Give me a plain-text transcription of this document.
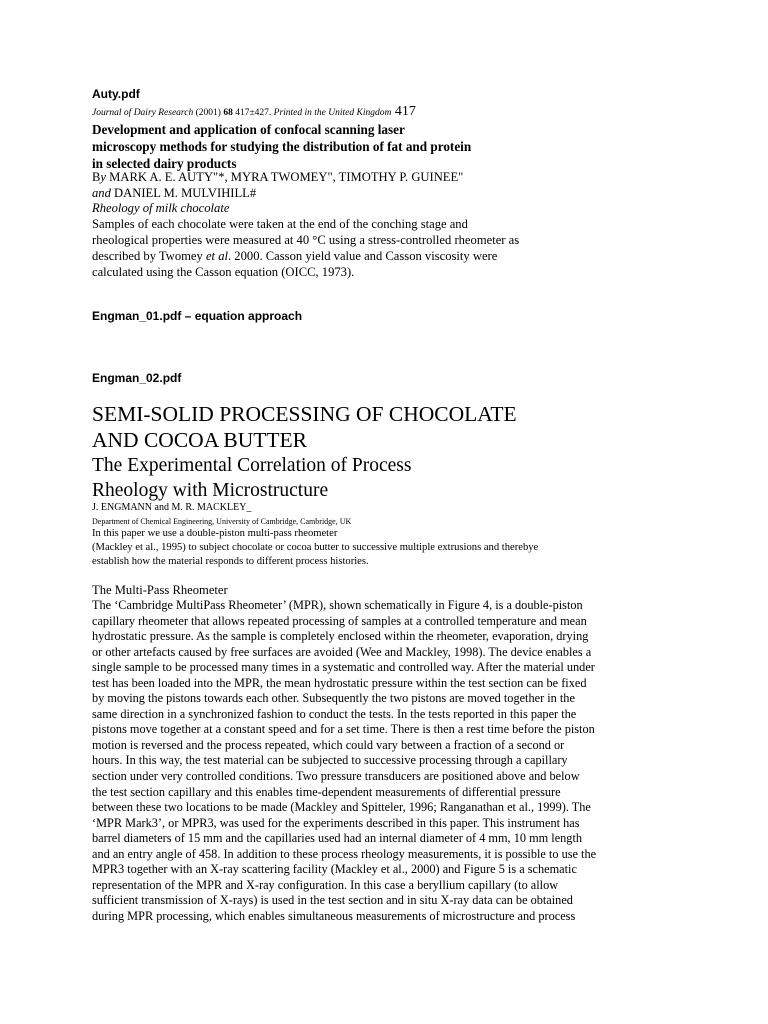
Auty.pdf
Journal of Dairy Research (2001) 68 417±427. Printed in the United Kingdom 417
Development and application of confocal scanning laser
microscopy methods for studying the distribution of fat and protein
in selected dairy products
By MARK A. E. AUTY"*, MYRA TWOMEY", TIMOTHY P. GUINEE"
and DANIEL M. MULVIHILL#
Rheology of milk chocolate
Samples of each chocolate were taken at the end of the conching stage and
rheological properties were measured at 40 °C using a stress-controlled rheometer as
described by Twomey et al. 2000. Casson yield value and Casson viscosity were
calculated using the Casson equation (OICC, 1973).
Engman_01.pdf – equation approach
Engman_02.pdf
SEMI-SOLID PROCESSING OF CHOCOLATE
AND COCOA BUTTER
The Experimental Correlation of Process
Rheology with Microstructure
J. ENGMANN and M. R. MACKLEY_
Department of Chemical Engineering, University of Cambridge, Cambridge, UK
In this paper we use a double-piston multi-pass rheometer
(Mackley et al., 1995) to subject chocolate or cocoa butter to successive multiple extrusions and therebye
establish how the material responds to different process histories.
The Multi-Pass Rheometer
The ‘Cambridge MultiPass Rheometer’ (MPR), shown schematically in Figure 4, is a double-piston
capillary rheometer that allows repeated processing of samples at a controlled temperature and mean
hydrostatic pressure. As the sample is completely enclosed within the rheometer, evaporation, drying
or other artefacts caused by free surfaces are avoided (Wee and Mackley, 1998). The device enables a
single sample to be processed many times in a systematic and controlled way. After the material under
test has been loaded into the MPR, the mean hydrostatic pressure within the test section can be fixed
by moving the pistons towards each other. Subsequently the two pistons are moved together in the
same direction in a synchronized fashion to conduct the tests. In the tests reported in this paper the
pistons move together at a constant speed and for a set time. There is then a rest time before the piston
motion is reversed and the process repeated, which could vary between a fraction of a second or
hours. In this way, the test material can be subjected to successive processing through a capillary
section under very controlled conditions. Two pressure transducers are positioned above and below
the test section capillary and this enables time-dependent measurements of differential pressure
between these two locations to be made (Mackley and Spitteler, 1996; Ranganathan et al., 1999). The
‘MPR Mark3’, or MPR3, was used for the experiments described in this paper. This instrument has
barrel diameters of 15 mm and the capillaries used had an internal diameter of 4 mm, 10 mm length
and an entry angle of 458. In addition to these process rheology measurements, it is possible to use the
MPR3 together with an X-ray scattering facility (Mackley et al., 2000) and Figure 5 is a schematic
representation of the MPR and X-ray configuration. In this case a beryllium capillary (to allow
sufficient transmission of X-rays) is used in the test section and in situ X-ray data can be obtained
during MPR processing, which enables simultaneous measurements of microstructure and process
